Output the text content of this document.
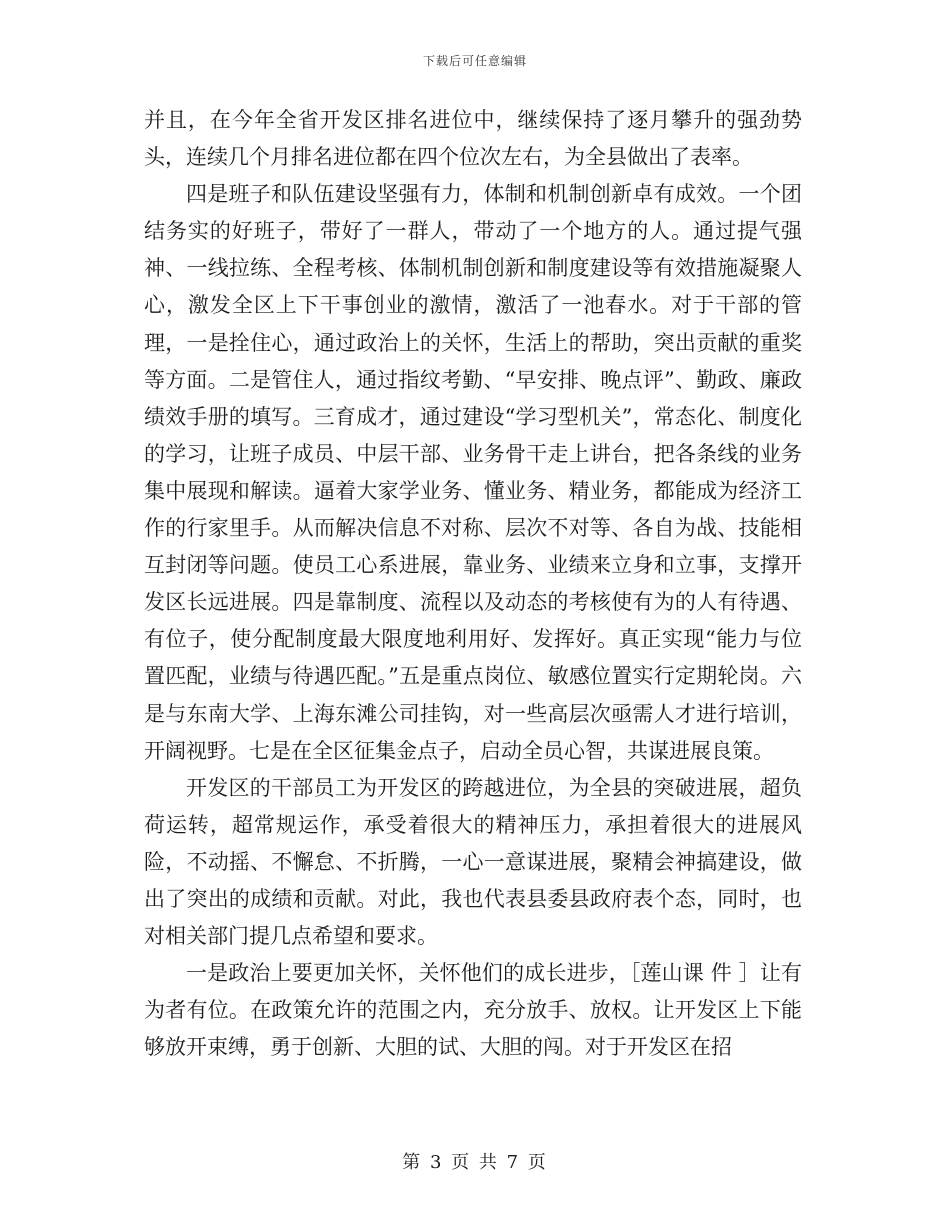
下载后可任意编辑

并且，在今年全省开发区排名进位中，继续保持了逐月攀升的强劲势头，连续几个月排名进位都在四个位次左右，为全县做出了表率。

四是班子和队伍建设坚强有力，体制和机制创新卓有成效。一个团结务实的好班子，带好了一群人，带动了一个地方的人。通过提气强神、一线拉练、全程考核、体制机制创新和制度建设等有效措施凝聚人心，激发全区上下干事创业的激情，激活了一池春水。对于干部的管理，一是拴住心，通过政治上的关怀，生活上的帮助，突出贡献的重奖等方面。二是管住人，通过指纹考勤、“早安排、晚点评”、勤政、廉政绩效手册的填写。三育成才，通过建设“学习型机关”，常态化、制度化的学习，让班子成员、中层干部、业务骨干走上讲台，把各条线的业务集中展现和解读。逼着大家学业务、懂业务、精业务，都能成为经济工作的行家里手。从而解决信息不对称、层次不对等、各自为战、技能相互封闭等问题。使员工心系进展，靠业务、业绩来立身和立事，支撑开发区长远进展。四是靠制度、流程以及动态的考核使有为的人有待遇、有位子，使分配制度最大限度地利用好、发挥好。真正实现“能力与位置匹配，业绩与待遇匹配。”五是重点岗位、敏感位置实行定期轮岗。六是与东南大学、上海东滩公司挂钩，对一些高层次亟需人才进行培训，开阔视野。七是在全区征集金点子，启动全员心智，共谋进展良策。

开发区的干部员工为开发区的跨越进位，为全县的突破进展，超负荷运转，超常规运作，承受着很大的精神压力，承担着很大的进展风险，不动摇、不懈怠、不折腾，一心一意谋进展，聚精会神搞建设，做出了突出的成绩和贡献。对此，我也代表县委县政府表个态，同时，也对相关部门提几点希望和要求。

一是政治上要更加关怀，关怀他们的成长进步，［莲山课 件 ］让有为者有位。在政策允许的范围之内，充分放手、放权。让开发区上下能够放开束缚，勇于创新、大胆的试、大胆的闯。对于开发区在招

第 3 页 共 7 页
